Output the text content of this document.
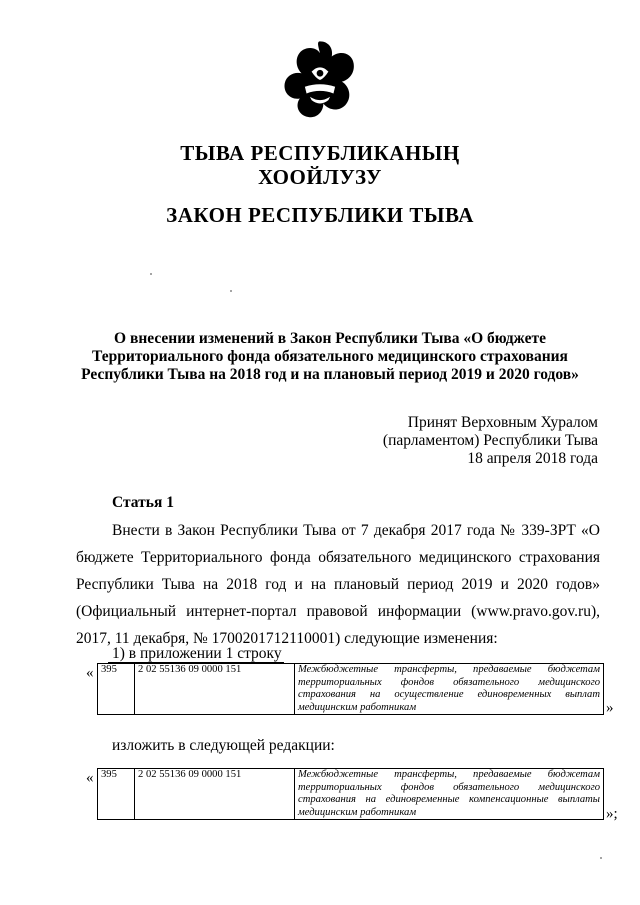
ТЫВА РЕСПУБЛИКАНЫҢ
ХООЙЛУЗУ
ЗАКОН РЕСПУБЛИКИ ТЫВА
О внесении изменений в Закон Республики Тыва «О бюджете
Территориального фонда обязательного медицинского страхования
Республики Тыва на 2018 год и на плановый период 2019 и 2020 годов»
Принят Верховным Хуралом
(парламентом) Республики Тыва
18 апреля 2018 года
Статья 1

Внести в Закон Республики Тыва от 7 декабря 2017 года № 339-ЗРТ «О бюджете Территориального фонда обязательного медицинского страхования Республики Тыва на 2018 год и на плановый период 2019 и 2020 годов» (Официальный интернет-портал правовой информации (www.pravo.gov.ru), 2017, 11 декабря, № 1700201712110001) следующие изменения:

1) в приложении 1 строку
« 395	2 02 55136 09 0000 151	Межбюджетные трансферты, предаваемые бюджетам территориальных фондов обязательного медицинского страхования на осуществление единовременных выплат медицинским работникам	»
изложить в следующей редакции:
« 395	2 02 55136 09 0000 151	Межбюджетные трансферты, предаваемые бюджетам территориальных фондов обязательного медицинского страхования на единовременные компенсационные выплаты медицинским работникам	»;
